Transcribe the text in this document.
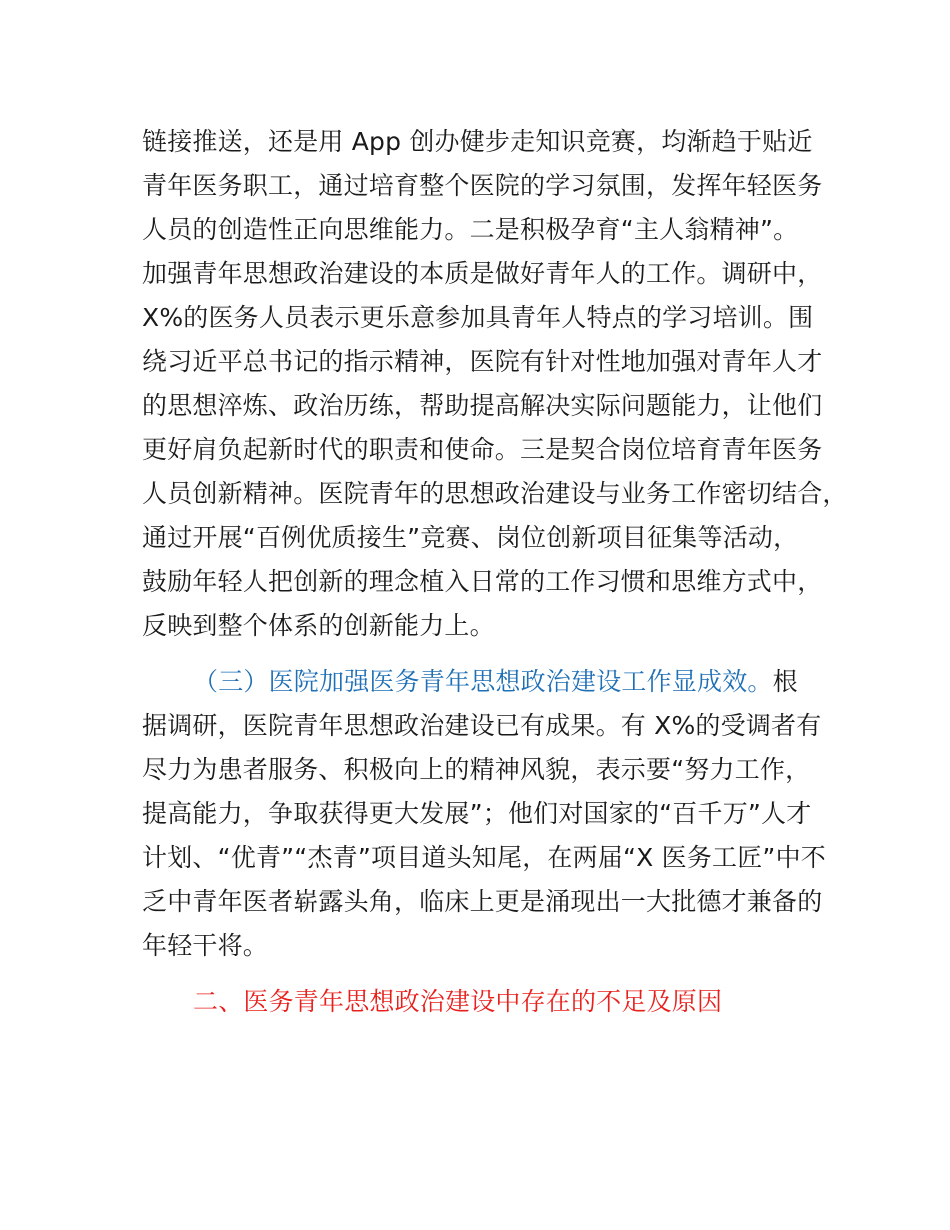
链接推送，还是用 App 创办健步走知识竞赛，均渐趋于贴近
青年医务职工，通过培育整个医院的学习氛围，发挥年轻医务
人员的创造性正向思维能力。二是积极孕育“主人翁精神”。
加强青年思想政治建设的本质是做好青年人的工作。调研中，
X%的医务人员表示更乐意参加具青年人特点的学习培训。围
绕习近平总书记的指示精神，医院有针对性地加强对青年人才
的思想淬炼、政治历练，帮助提高解决实际问题能力，让他们
更好肩负起新时代的职责和使命。三是契合岗位培育青年医务
人员创新精神。医院青年的思想政治建设与业务工作密切结合，
通过开展“百例优质接生”竞赛、岗位创新项目征集等活动，
鼓励年轻人把创新的理念植入日常的工作习惯和思维方式中，
反映到整个体系的创新能力上。
（三）医院加强医务青年思想政治建设工作显成效。根
据调研，医院青年思想政治建设已有成果。有 X%的受调者有
尽力为患者服务、积极向上的精神风貌，表示要“努力工作，
提高能力，争取获得更大发展”；他们对国家的“百千万”人才
计划、“优青”“杰青”项目道头知尾，在两届“X 医务工匠”中不
乏中青年医者崭露头角，临床上更是涌现出一大批德才兼备的
年轻干将。
二、医务青年思想政治建设中存在的不足及原因
